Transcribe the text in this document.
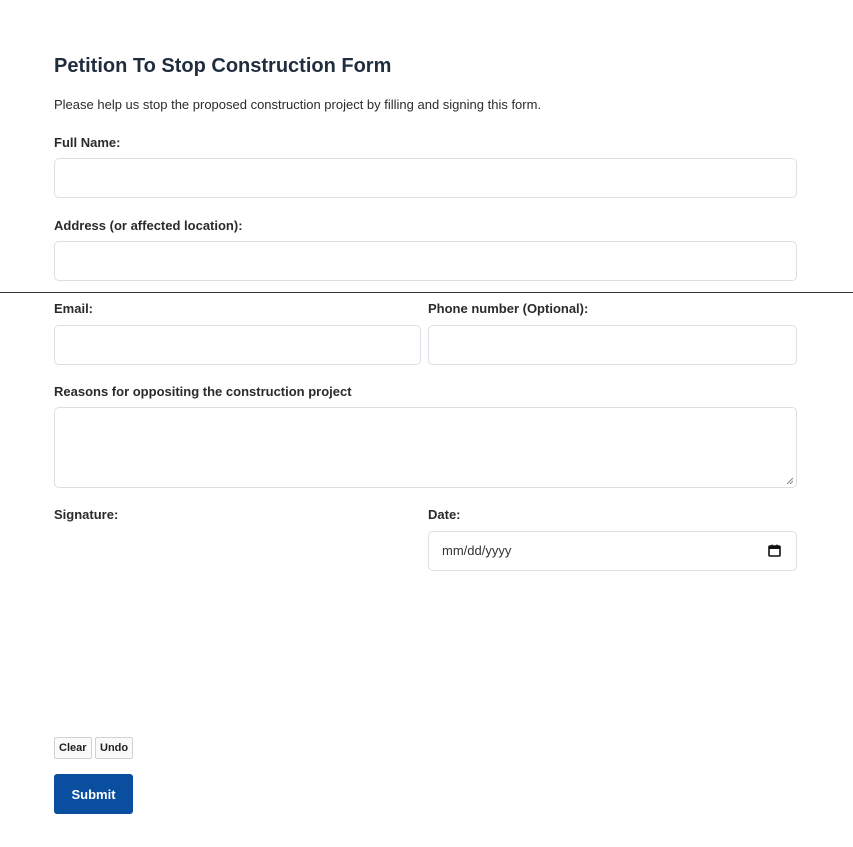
Petition To Stop Construction Form

Please help us stop the proposed construction project by filling and signing this form.

Full Name:
Address (or affected location):
Email:	Phone number (Optional):
Reasons for oppositing the construction project
Signature:	Date:
mm/dd/yyyy
Clear	Undo
Submit
